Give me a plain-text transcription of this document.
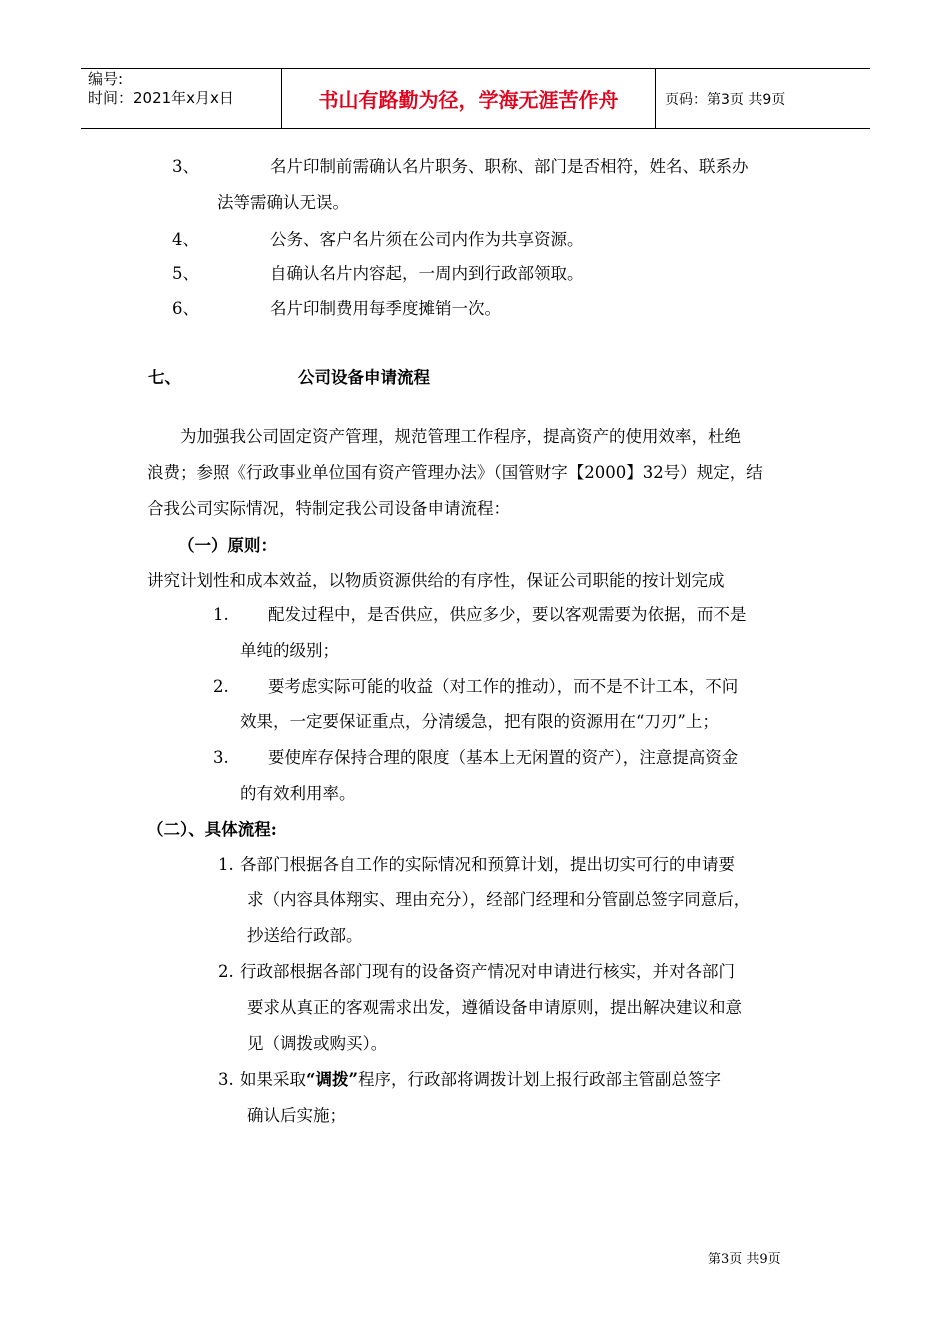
编号:
时间：2021年x月x日	书山有路勤为径，学海无涯苦作舟	页码：第3页 共9页
3、	名片印制前需确认名片职务、职称、部门是否相符，姓名、联系办
法等需确认无误。
4、	公务、客户名片须在公司内作为共享资源。
5、	自确认名片内容起，一周内到行政部领取。
6、	名片印制费用每季度摊销一次。
七、	公司设备申请流程
为加强我公司固定资产管理，规范管理工作程序，提高资产的使用效率，杜绝
浪费；参照《行政事业单位国有资产管理办法》（国管财字【2000】32号）规定，结
合我公司实际情况，特制定我公司设备申请流程：
（一）原则：
讲究计划性和成本效益，以物质资源供给的有序性，保证公司职能的按计划完成
1. 配发过程中，是否供应，供应多少，要以客观需要为依据，而不是
单纯的级别；
2. 要考虑实际可能的收益（对工作的推动），而不是不计工本，不问
效果，一定要保证重点，分清缓急，把有限的资源用在“刀刃”上；
3. 要使库存保持合理的限度（基本上无闲置的资产），注意提高资金
的有效利用率。
（二）、具体流程:
1. 各部门根据各自工作的实际情况和预算计划，提出切实可行的申请要
求（内容具体翔实、理由充分），经部门经理和分管副总签字同意后，
抄送给行政部。
2. 行政部根据各部门现有的设备资产情况对申请进行核实，并对各部门
要求从真正的客观需求出发，遵循设备申请原则，提出解决建议和意
见（调拨或购买）。
3. 如果采取“调拨”程序，行政部将调拨计划上报行政部主管副总签字
确认后实施；
第3页 共9页
